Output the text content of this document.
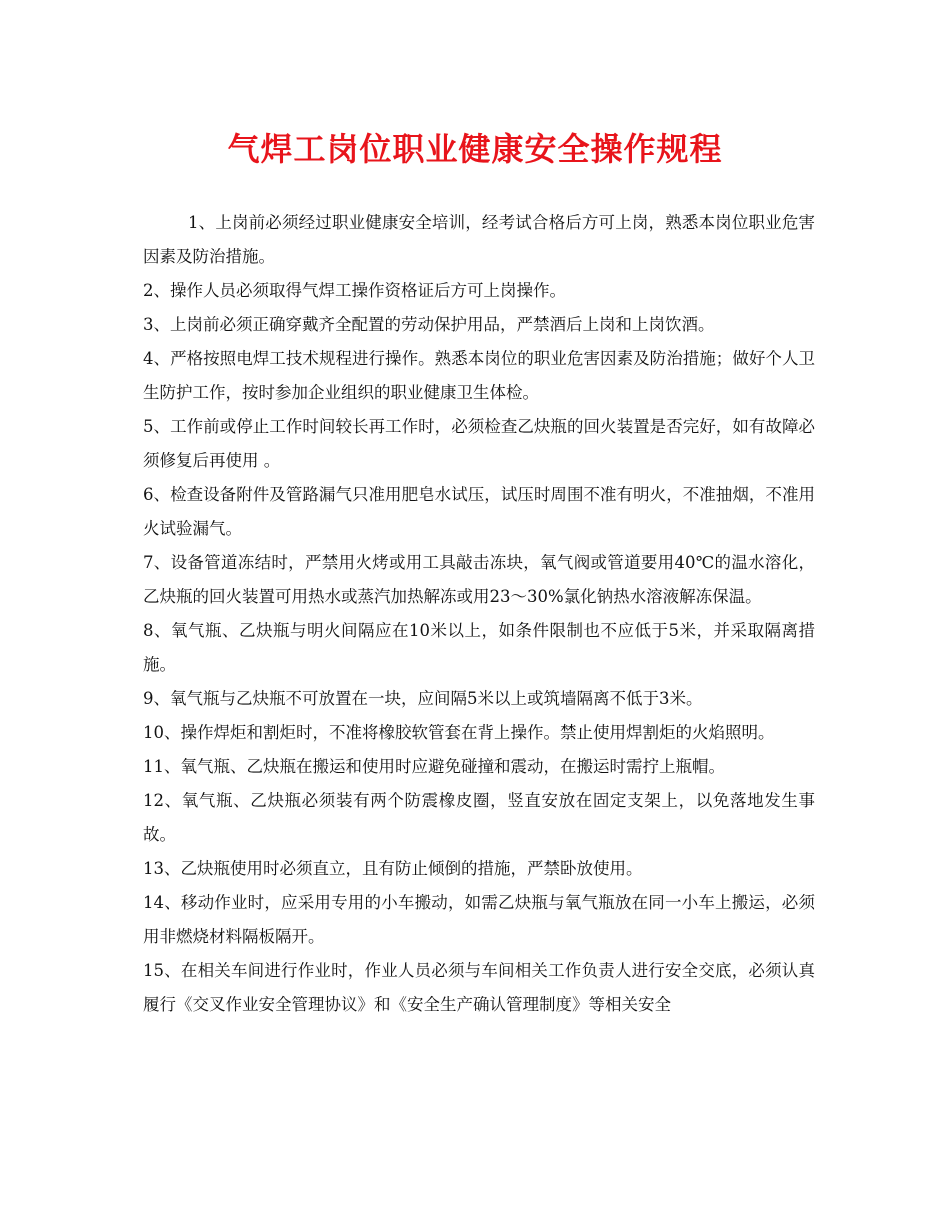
气焊工岗位职业健康安全操作规程
1、上岗前必须经过职业健康安全培训，经考试合格后方可上岗，熟悉本岗位职业危害因素及防治措施。
2、操作人员必须取得气焊工操作资格证后方可上岗操作。
3、上岗前必须正确穿戴齐全配置的劳动保护用品，严禁酒后上岗和上岗饮酒。
4、严格按照电焊工技术规程进行操作。熟悉本岗位的职业危害因素及防治措施；做好个人卫生防护工作，按时参加企业组织的职业健康卫生体检。
5、工作前或停止工作时间较长再工作时，必须检查乙炔瓶的回火装置是否完好，如有故障必须修复后再使用 。
6、检查设备附件及管路漏气只准用肥皂水试压，试压时周围不准有明火，不准抽烟，不准用火试验漏气。
7、设备管道冻结时，严禁用火烤或用工具敲击冻块，氧气阀或管道要用40℃的温水溶化，乙炔瓶的回火装置可用热水或蒸汽加热解冻或用23～30%氯化钠热水溶液解冻保温。
8、氧气瓶、乙炔瓶与明火间隔应在10米以上，如条件限制也不应低于5米，并采取隔离措施。
9、氧气瓶与乙炔瓶不可放置在一块，应间隔5米以上或筑墙隔离不低于3米。
10、操作焊炬和割炬时，不准将橡胶软管套在背上操作。禁止使用焊割炬的火焰照明。
11、氧气瓶、乙炔瓶在搬运和使用时应避免碰撞和震动，在搬运时需拧上瓶帽。
12、氧气瓶、乙炔瓶必须装有两个防震橡皮圈，竖直安放在固定支架上，以免落地发生事故。
13、乙炔瓶使用时必须直立，且有防止倾倒的措施，严禁卧放使用。
14、移动作业时，应采用专用的小车搬动，如需乙炔瓶与氧气瓶放在同一小车上搬运，必须用非燃烧材料隔板隔开。
15、在相关车间进行作业时，作业人员必须与车间相关工作负责人进行安全交底，必须认真履行《交叉作业安全管理协议》和《安全生产确认管理制度》等相关安全
